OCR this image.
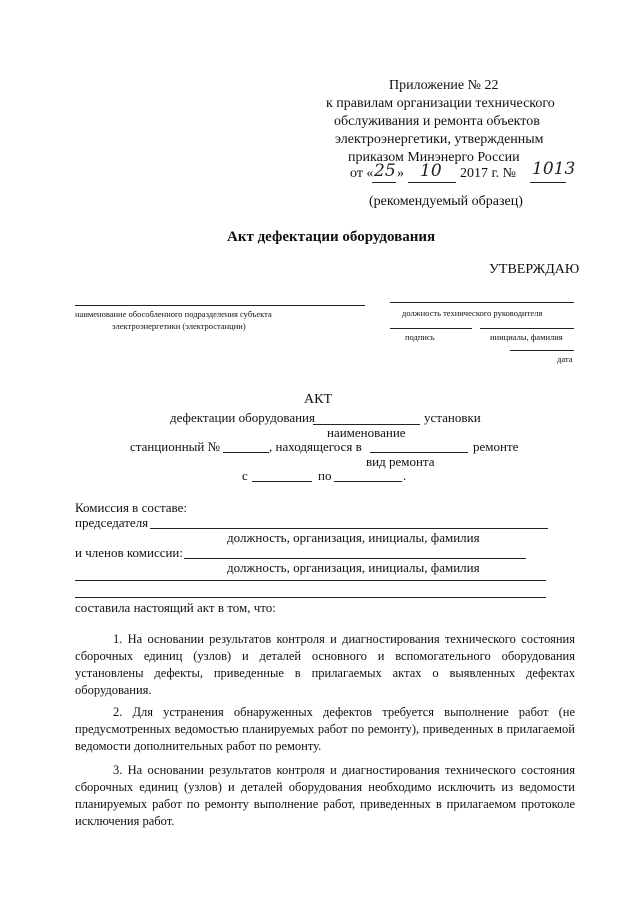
Приложение № 22
к правилам организации технического
обслуживания и ремонта объектов
электроэнергетики, утвержденным
приказом Минэнерго России
от « 25 » 10 2017 г. № 1013
(рекомендуемый образец)
Акт дефектации оборудования
УТВЕРЖДАЮ
наименование обособленного подразделения субъекта
электроэнергетики (электростанции)
должность технического руководителя
подпись	инициалы, фамилия
дата
АКТ
дефектации оборудования	установки
наименование
станционный №	, находящегося в	ремонте
вид ремонта
с	по	.
Комиссия в составе:
председателя
должность, организация, инициалы, фамилия
и членов комиссии:
должность, организация, инициалы, фамилия
составила настоящий акт в том, что:

1. На основании результатов контроля и диагностирования технического состояния сборочных единиц (узлов) и деталей основного и вспомогательного оборудования установлены дефекты, приведенные в прилагаемых актах о выявленных дефектах оборудования.

2. Для устранения обнаруженных дефектов требуется выполнение работ (не предусмотренных ведомостью планируемых работ по ремонту), приведенных в прилагаемой ведомости дополнительных работ по ремонту.

3. На основании результатов контроля и диагностирования технического состояния сборочных единиц (узлов) и деталей оборудования необходимо исключить из ведомости планируемых работ по ремонту выполнение работ, приведенных в прилагаемом протоколе исключения работ.
